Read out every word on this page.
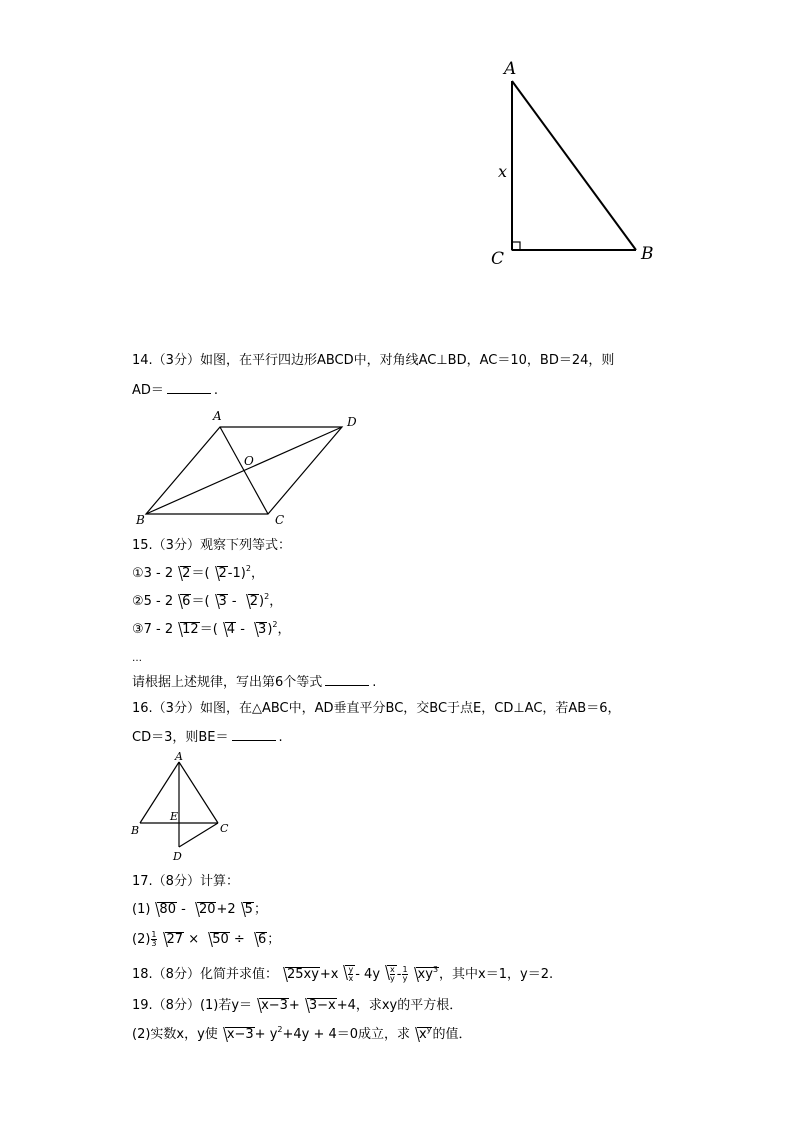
A
C	B
x
14.（3分）如图，在平行四边形ABCD中，对角线AC⊥BD，AC＝10，BD＝24，则
AD＝	.
A	D
O
B	C
15.（3分）观察下列等式：
①3 - 2 2＝( 2-1)$^2$，
②5 - 2 6＝( 3 - 2)$^2$，
③7 - 2 12＝( 4 - 3)$^2$，
…
请根据上述规律，写出第6个等式	.
16.（3分）如图，在△ABC中，AD垂直平分BC，交BC于点E，CD⊥AC，若AB＝6，
CD＝3，则BE＝	.
A
B	C
E
D
17.（8分）计算：
(1) 80 - 20+2 5；
$(2) \frac{1}{3} 27 \times 50 \div 6$；
18.（8分）化简并求值： $25xy+x \frac{y}{x} - 4y \frac{x}{y} - \frac{1}{y} xy^3$，其中x＝1，y＝2.
19.（8分）(1)若y＝ x−3+ 3−x+4，求xy的平方根．
(2)实数x，y使 $x-3+ y^2+4y + 4=0$成立，求 $x^y$的值．
